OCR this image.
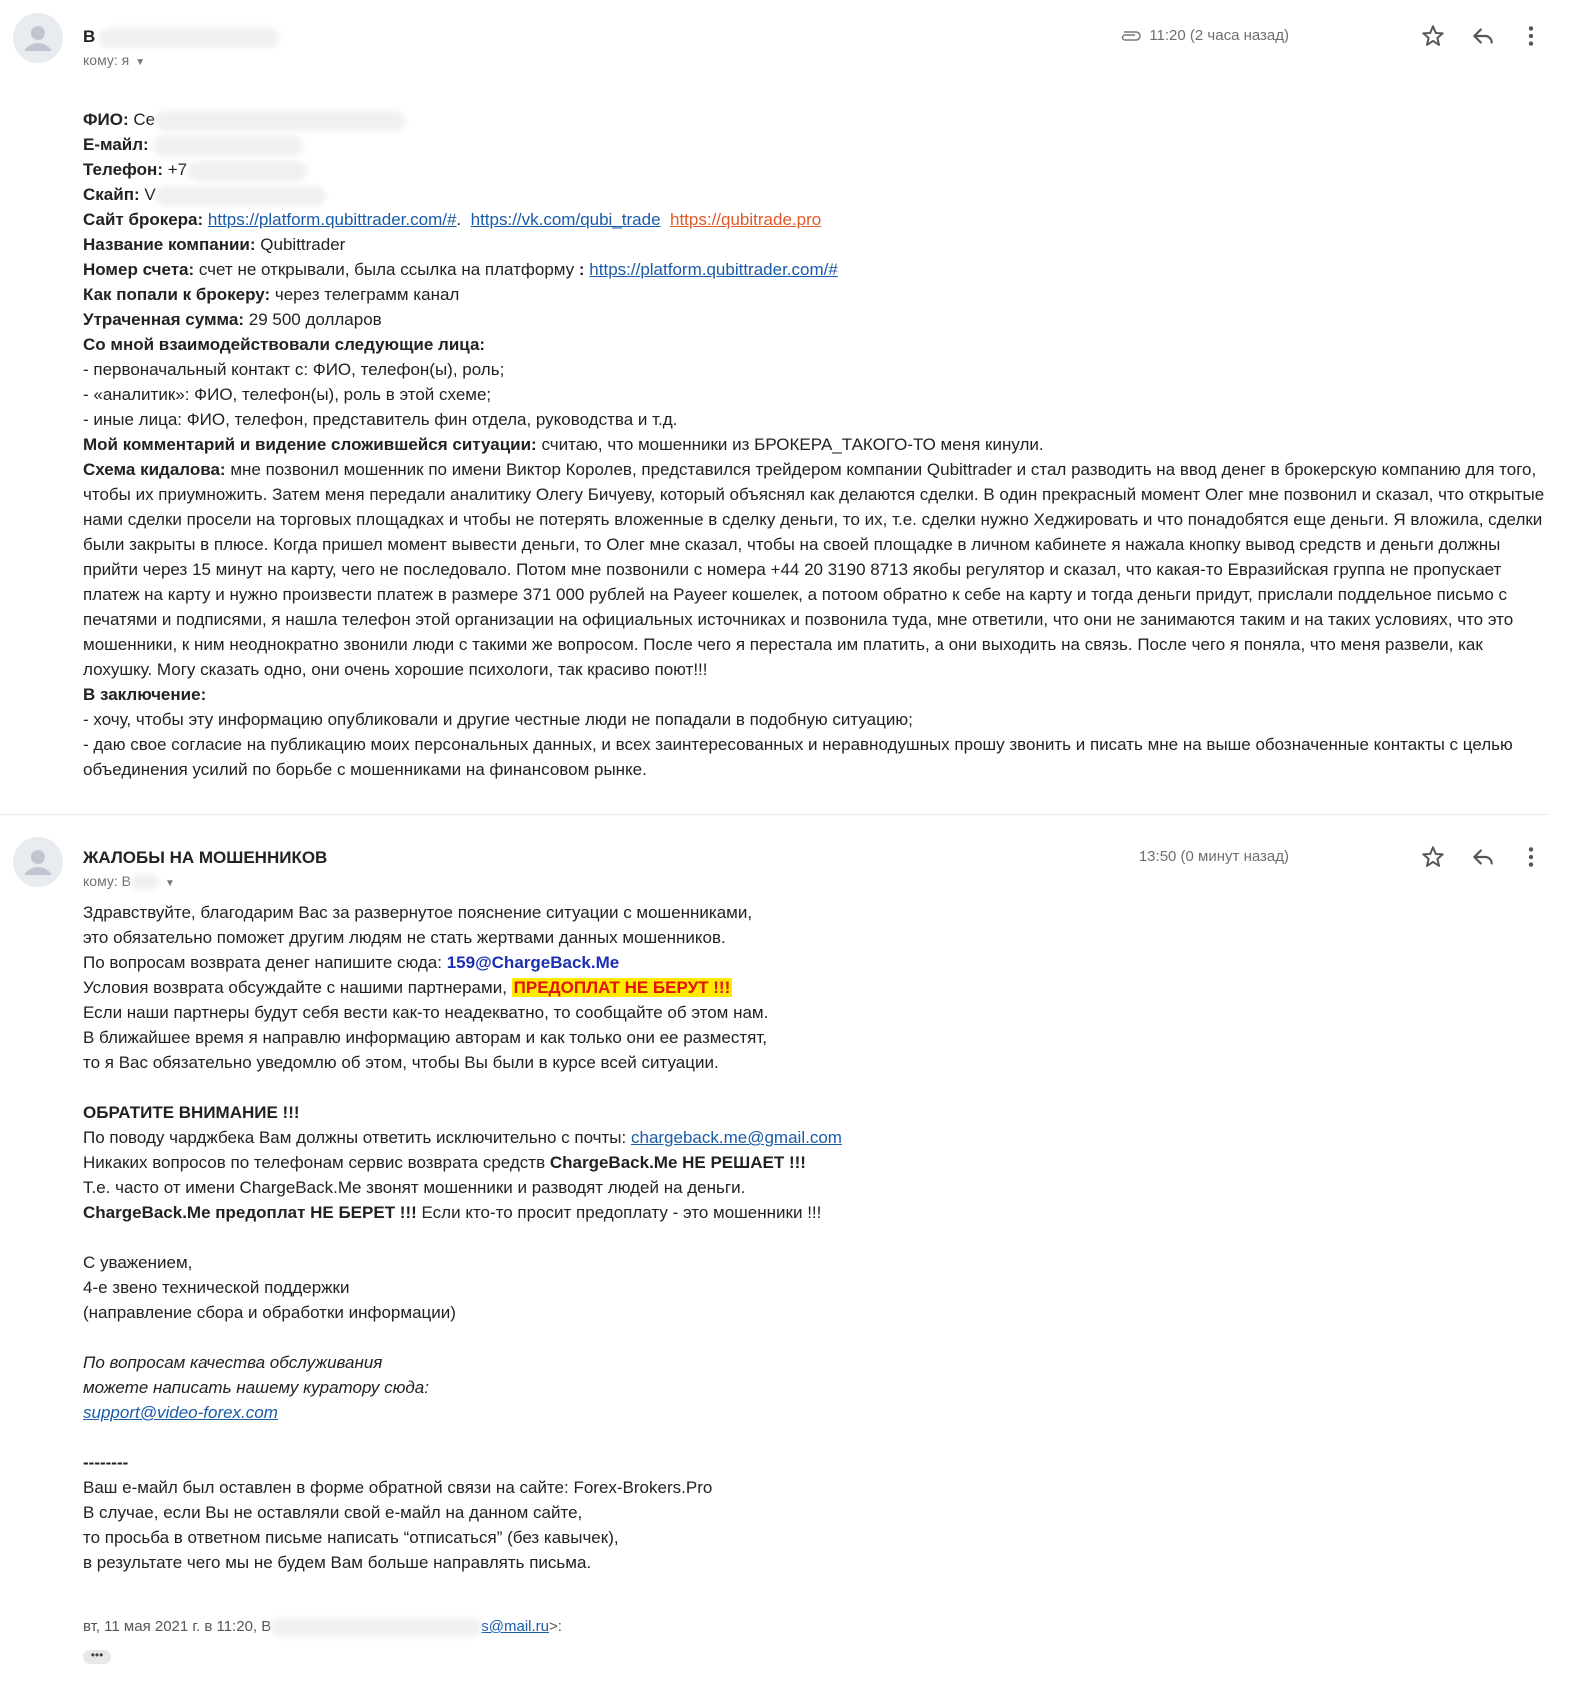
В
кому: я ▼
11:20 (2 часа назад)

ФИО: Се

Е-майл:

Телефон: +7

Скайп: V

Сайт брокера: https://platform.qubittrader.com/#. https://vk.com/qubi_trade https://qubitrade.pro

Название компании: Qubittrader

Номер счета: счет не открывали, была ссылка на платформу : https://platform.qubittrader.com/#

Как попали к брокеру: через телеграмм канал

Утраченная сумма: 29 500 долларов

Со мной взаимодействовали следующие лица:

- первоначальный контакт с: ФИО, телефон(ы), роль;

- «аналитик»: ФИО, телефон(ы), роль в этой схеме;

- иные лица: ФИО, телефон, представитель фин отдела, руководства и т.д.

Мой комментарий и видение сложившейся ситуации: считаю, что мошенники из БРОКЕРА_ТАКОГО-ТО меня кинули.

Схема кидалова: мне позвонил мошенник по имени Виктор Королев, представился трейдером компании Qubittrader и стал разводить на ввод денег в брокерскую компанию для того, чтобы их приумножить. Затем меня передали аналитику Олегу Бичуеву, который объяснял как делаются сделки. В один прекрасный момент Олег мне позвонил и сказал, что открытые нами сделки просели на торговых площадках и чтобы не потерять вложенные в сделку деньги, то их, т.е. сделки нужно Хеджировать и что понадобятся еще деньги. Я вложила, сделки были закрыты в плюсе. Когда пришел момент вывести деньги, то Олег мне сказал, чтобы на своей площадке в личном кабинете я нажала кнопку вывод средств и деньги должны прийти через 15 минут на карту, чего не последовало. Потом мне позвонили с номера +44 20 3190 8713 якобы регулятор и сказал, что какая-то Евразийская группа не пропускает платеж на карту и нужно произвести платеж в размере 371 000 рублей на Payeer кошелек, а потоом обратно к себе на карту и тогда деньги придут, прислали поддельное письмо с печатями и подписями, я нашла телефон этой организации на официальных источниках и позвонила туда, мне ответили, что они не занимаются таким и на таких условиях, что это мошенники, к ним неоднократно звонили люди с такими же вопросом. После чего я перестала им платить, а они выходить на связь. После чего я поняла, что меня развели, как лохушку. Могу сказать одно, они очень хорошие психологи, так красиво поют!!!

В заключение:

- хочу, чтобы эту информацию опубликовали и другие честные люди не попадали в подобную ситуацию;

- даю свое согласие на публикацию моих персональных данных, и всех заинтересованных и неравнодушных прошу звонить и писать мне на выше обозначенные контакты с целью объединения усилий по борьбе с мошенниками на финансовом рынке.

ЖАЛОБЫ НА МОШЕННИКОВ
кому: В	▼
13:50 (0 минут назад)

Здравствуйте, благодарим Вас за развернутое пояснение ситуации с мошенниками,

это обязательно поможет другим людям не стать жертвами данных мошенников.

По вопросам возврата денег напишите сюда: 159@ChargeBack.Me

Условия возврата обсуждайте с нашими партнерами, ПРЕДОПЛАТ НЕ БЕРУТ !!!

Если наши партнеры будут себя вести как-то неадекватно, то сообщайте об этом нам.

В ближайшее время я направлю информацию авторам и как только они ее разместят,

то я Вас обязательно уведомлю об этом, чтобы Вы были в курсе всей ситуации.

ОБРАТИТЕ ВНИМАНИЕ !!!

По поводу чарджбека Вам должны ответить исключительно с почты: chargeback.me@gmail.com

Никаких вопросов по телефонам сервис возврата средств ChargeBack.Me НЕ РЕШАЕТ !!!

Т.е. часто от имени ChargeBack.Me звонят мошенники и разводят людей на деньги.

ChargeBack.Me предоплат НЕ БЕРЕТ !!! Если кто-то просит предоплату - это мошенники !!!

С уважением,

4-е звено технической поддержки

(направление сбора и обработки информации)

По вопросам качества обслуживания

можете написать нашему куратору сюда:

support@video-forex.com

--------

Ваш е-майл был оставлен в форме обратной связи на сайте: Forex-Brokers.Pro

В случае, если Вы не оставляли свой е-майл на данном сайте,

то просьба в ответном письме написать “отписаться” (без кавычек),

в результате чего мы не будем Вам больше направлять письма.

вт, 11 мая 2021 г. в 11:20, В	s@mail.ru>:
•••
